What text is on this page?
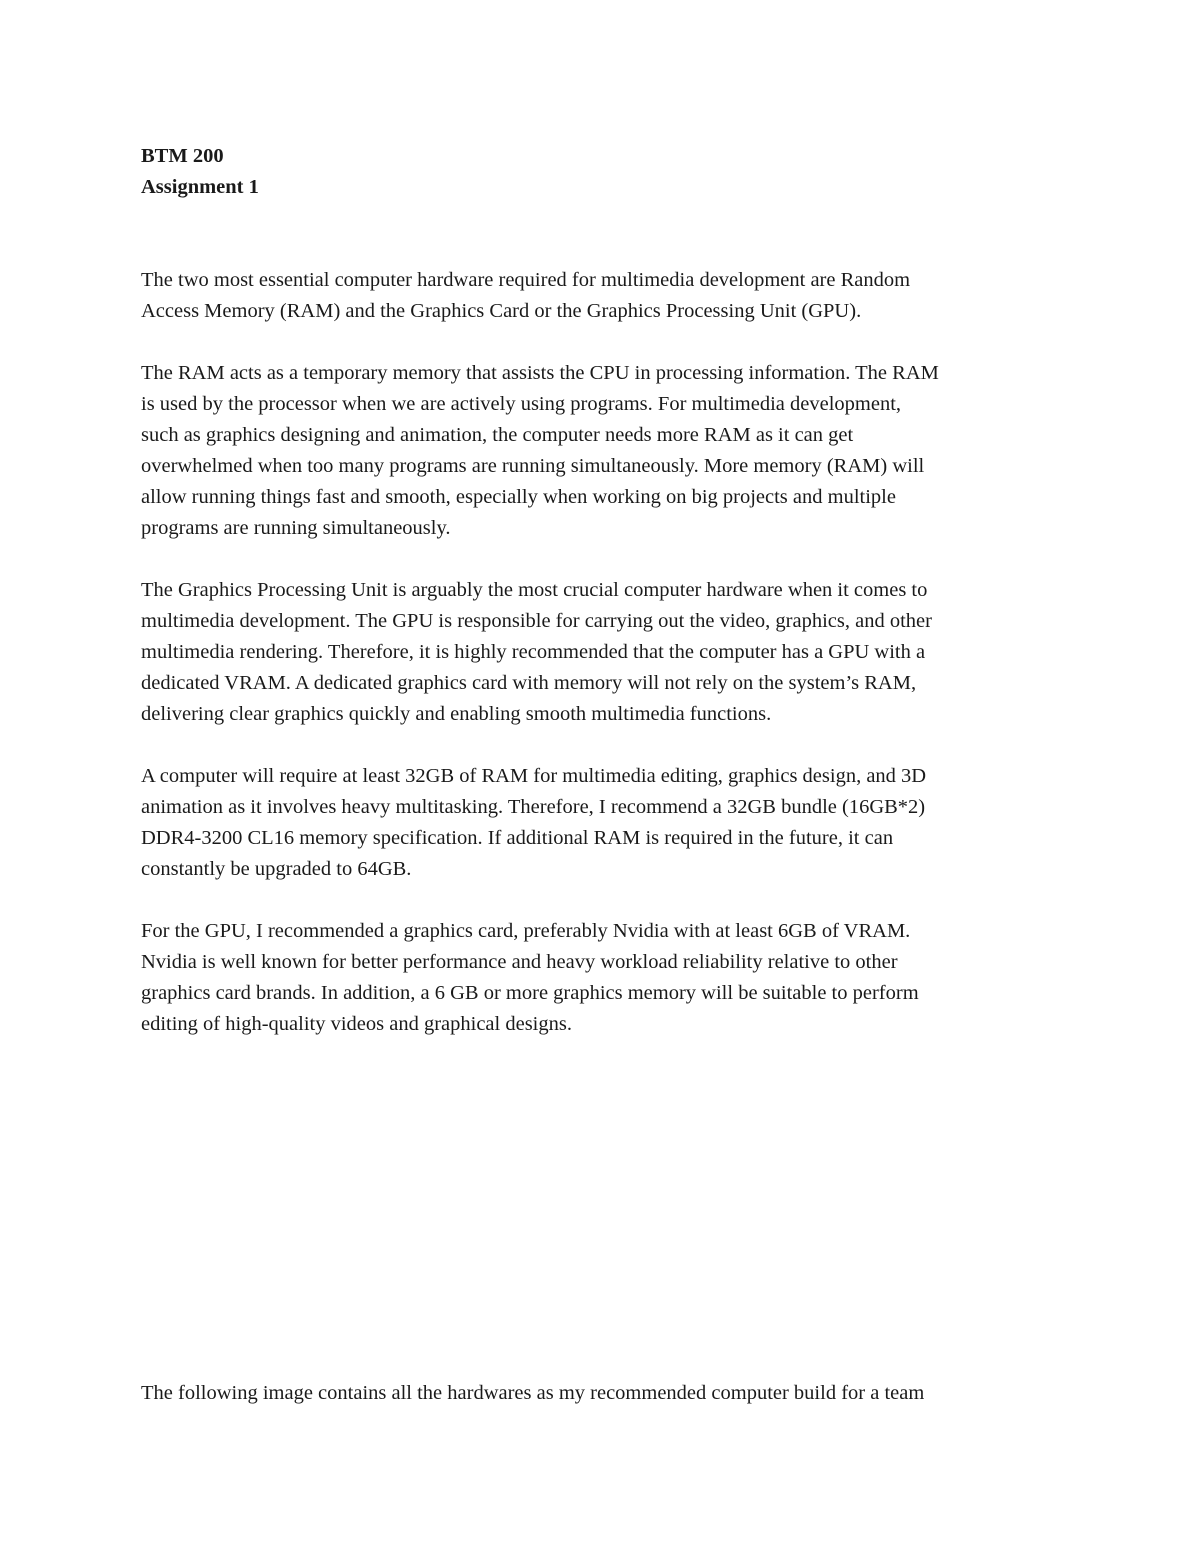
BTM 200

Assignment 1

The two most essential computer hardware required for multimedia development are Random
Access Memory (RAM) and the Graphics Card or the Graphics Processing Unit (GPU).
The RAM acts as a temporary memory that assists the CPU in processing information. The RAM
is used by the processor when we are actively using programs. For multimedia development,
such as graphics designing and animation, the computer needs more RAM as it can get
overwhelmed when too many programs are running simultaneously. More memory (RAM) will
allow running things fast and smooth, especially when working on big projects and multiple
programs are running simultaneously.
The Graphics Processing Unit is arguably the most crucial computer hardware when it comes to
multimedia development. The GPU is responsible for carrying out the video, graphics, and other
multimedia rendering. Therefore, it is highly recommended that the computer has a GPU with a
dedicated VRAM. A dedicated graphics card with memory will not rely on the system’s RAM,
delivering clear graphics quickly and enabling smooth multimedia functions.
A computer will require at least 32GB of RAM for multimedia editing, graphics design, and 3D
animation as it involves heavy multitasking. Therefore, I recommend a 32GB bundle (16GB*2)
DDR4-3200 CL16 memory specification. If additional RAM is required in the future, it can
constantly be upgraded to 64GB.
For the GPU, I recommended a graphics card, preferably Nvidia with at least 6GB of VRAM.
Nvidia is well known for better performance and heavy workload reliability relative to other
graphics card brands. In addition, a 6 GB or more graphics memory will be suitable to perform
editing of high-quality videos and graphical designs.
The following image contains all the hardwares as my recommended computer build for a team
